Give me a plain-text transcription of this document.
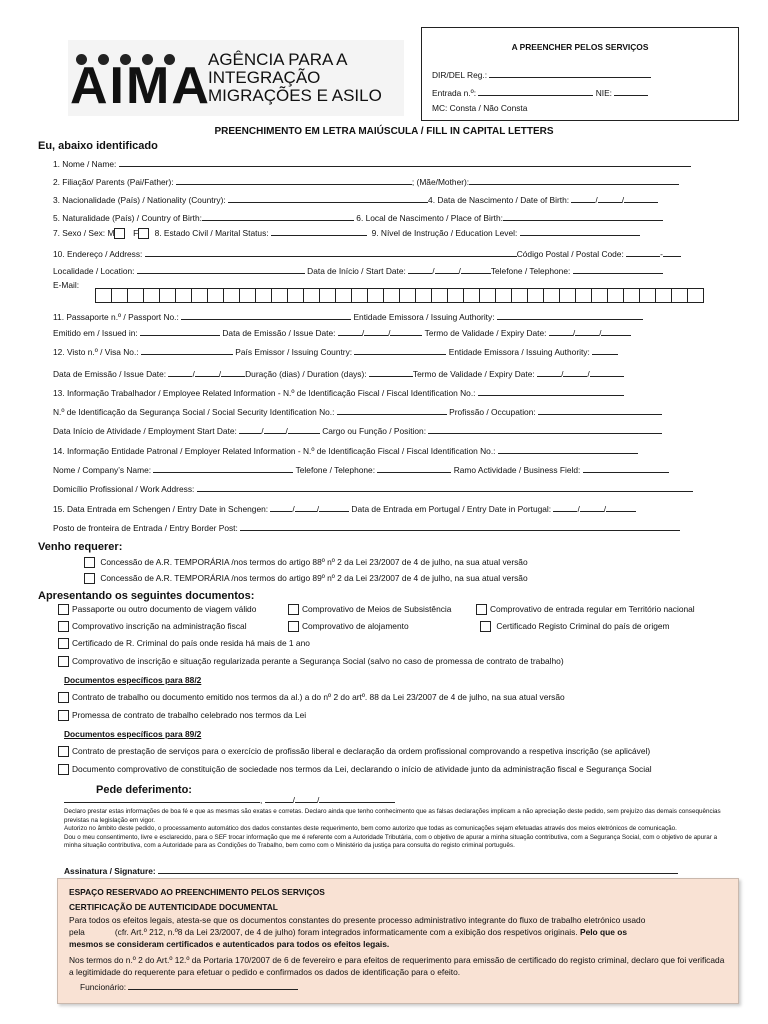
AIMA
AGÊNCIA PARA A
INTEGRAÇÃO
MIGRAÇÕES E ASILO
A PREENCHER PELOS SERVIÇOS
DIR/DEL Reg.:
Entrada n.º:	NIE:
MC: Consta / Não Consta
PREENCHIMENTO EM LETRA MAIÚSCULA / FILL IN CAPITAL LETTERS
Eu, abaixo identificado
1. Nome / Name:
2. Filiação/ Parents (Pai/Father):	; (Mãe/Mother):
3. Nacionalidade (País) / Nationality (Country):	4. Data de Nascimento / Date of Birth:	/	/
5. Naturalidade (País) / Country of Birth:	6. Local de Nascimento / Place of Birth:
7. Sexo / Sex: M F 8. Estado Civil / Marital Status:	9. Nível de Instrução / Education Level:
10. Endereço / Address:	Código Postal / Postal Code:	-
Localidade / Location:	Data de Início / Start Date:	/	/	Telefone / Telephone:
E-Mail:
11. Passaporte n.º / Passport No.:	Entidade Emissora / Issuing Authority:
Emitido em / Issued in:	Data de Emissão / Issue Date:	/	/	Termo de Validade / Expiry Date:	/	/
12. Visto n.º / Visa No.:	País Emissor / Issuing Country:	Entidade Emissora / Issuing Authority:
Data de Emissão / Issue Date:	/	/	Duração (dias) / Duration (days):	Termo de Validade / Expiry Date:	/	/
13. Informação Trabalhador / Employee Related Information - N.º de Identificação Fiscal / Fiscal Identification No.:
N.º de Identificação da Segurança Social / Social Security Identification No.:	Profissão / Occupation:
Data Início de Atividade / Employment Start Date:	/	/	Cargo ou Função / Position:
14. Informação Entidade Patronal / Employer Related Information - N.º de Identificação Fiscal / Fiscal Identification No.:
Nome / Company’s Name:	Telefone / Telephone:	Ramo Actividade / Business Field:
Domicílio Profissional / Work Address:
15. Data Entrada em Schengen / Entry Date in Schengen:	/	/	Data de Entrada em Portugal / Entry Date in Portugal:	/	/
Posto de fronteira de Entrada / Entry Border Post:
Venho requerer:
Concessão de A.R. TEMPORÁRIA /nos termos do artigo 88º nº 2 da Lei 23/2007 de 4 de julho, na sua atual versão
Concessão de A.R. TEMPORÁRIA /nos termos do artigo 89º nº 2 da Lei 23/2007 de 4 de julho, na sua atual versão
Apresentando os seguintes documentos:
Passaporte ou outro documento de viagem válido	Comprovativo de Meios de Subsistência	Comprovativo de entrada regular em Território nacional
Comprovativo inscrição na administração fiscal	Comprovativo de alojamento	Certificado Registo Criminal do país de origem
Certificado de R. Criminal do país onde resida há mais de 1 ano
Comprovativo de inscrição e situação regularizada perante a Segurança Social (salvo no caso de promessa de contrato de trabalho)
Documentos específicos para 88/2
Contrato de trabalho ou documento emitido nos termos da al.) a do nº 2 do artº. 88 da Lei 23/2007 de 4 de julho, na sua atual versão
Promessa de contrato de trabalho celebrado nos termos da Lei
Documentos específicos para 89/2
Contrato de prestação de serviços para o exercício de profissão liberal e declaração da ordem profissional comprovando a respetiva inscrição (se aplicável)
Documento comprovativo de constituição de sociedade nos termos da Lei, declarando o início de atividade junto da administração fiscal e Segurança Social
Pede deferimento:
,	/	/
Declaro prestar estas informações de boa fé e que as mesmas são exatas e corretas. Declaro ainda que tenho conhecimento que as falsas declarações implicam a não apreciação deste pedido, sem prejuízo das demais consequências previstas na legislação em vigor.
Autorizo no âmbito deste pedido, o processamento automático dos dados constantes deste requerimento, bem como autorizo que todas as comunicações sejam efetuadas através dos meios eletrónicos de comunicação.
Dou o meu consentimento, livre e esclarecido, para o SEF trocar informação que me é referente com a Autoridade Tributária, com o objetivo de apurar a minha situação contributiva, com a Segurança Social, com o objetivo de apurar a minha situação contributiva, com a Autoridade para as Condições do Trabalho, bem como com o Ministério da justiça para consulta do registo criminal português.
Assinatura / Signature:
ESPAÇO RESERVADO AO PREENCHIMENTO PELOS SERVIÇOS
CERTIFICAÇÃO DE AUTENTICIDADE DOCUMENTAL
Para todos os efeitos legais, atesta-se que os documentos constantes do presente processo administrativo integrante do fluxo de trabalho eletrónico usado
pela	(cfr. Art.º 212, n.º8 da Lei 23/2007, de 4 de julho) foram integrados informaticamente com a exibição dos respetivos originais. Pelo que os
mesmos se consideram certificados e autenticados para todos os efeitos legais.
Nos termos do n.º 2 do Art.º 12.º da Portaria 170/2007 de 6 de fevereiro e para efeitos de requerimento para emissão de certificado do registo criminal, declaro que foi verificada a legitimidade do requerente para efetuar o pedido e confirmados os dados de identificação para o efeito.
Funcionário:
